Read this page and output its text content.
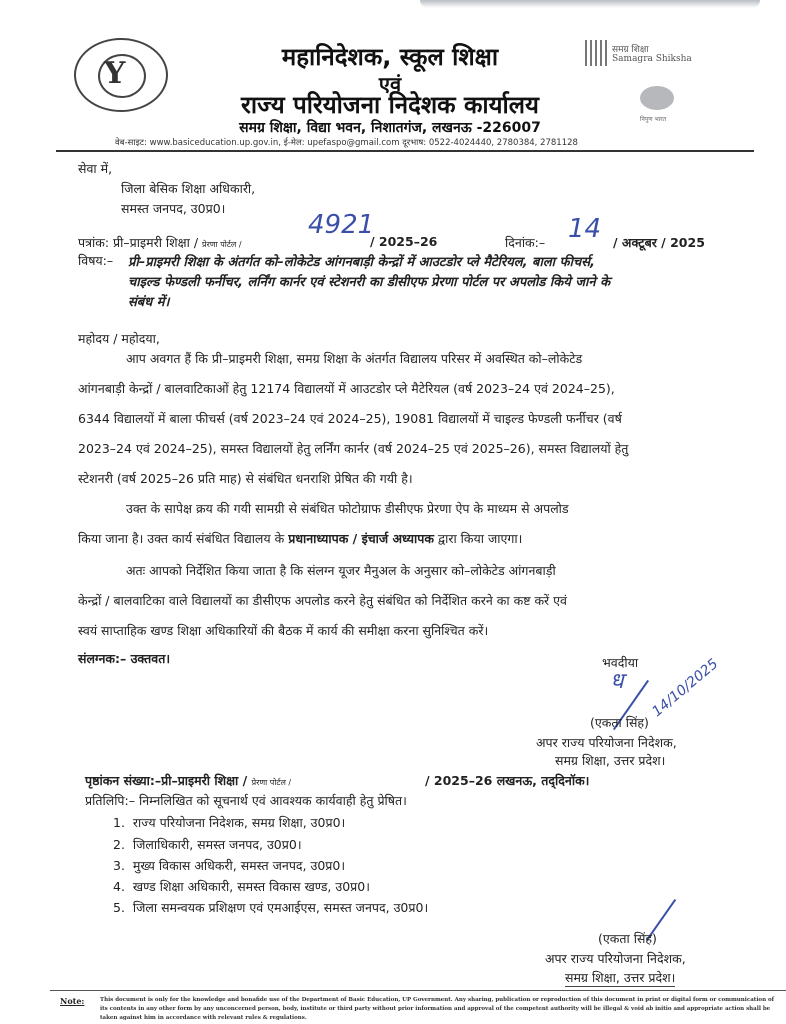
Y	महानिदेशक, स्कूल शिक्षा
एवं
राज्य परियोजना निदेशक कार्यालय
समग्र शिक्षा, विद्या भवन, निशातगंज, लखनऊ -226007
वेब-साइट: www.basiceducation.up.gov.in, ई-मेल: upefaspo@gmail.com दूरभाष: 0522-4024440, 2780384, 2781128
समग्र शिक्षा
Samagra Shiksha
निपुण भारत
सेवा में,
जिला बेसिक शिक्षा अधिकारी,
समस्त जनपद, उ0प्र0।
पत्रांक: प्री–प्राइमरी शिक्षा / प्रेरणा पोर्टल /
4921
/ 2025–26	दिनांक:– 14 / अक्टूबर / 2025
विषय:– प्री–प्राइमरी शिक्षा के अंतर्गत को–लोकेटेड आंगनबाड़ी केन्द्रों में आउटडोर प्ले मैटेरियल, बाला फीचर्स,
चाइल्ड फेण्डली फर्नीचर, लर्निंग कार्नर एवं स्टेशनरी का डीसीएफ प्रेरणा पोर्टल पर अपलोड किये जाने के
संबंध में।
महोदय / महोदया,
आप अवगत हैं कि प्री–प्राइमरी शिक्षा, समग्र शिक्षा के अंतर्गत विद्यालय परिसर में अवस्थित को–लोकेटेड
आंगनबाड़ी केन्द्रों / बालवाटिकाओं हेतु 12174 विद्यालयों में आउटडोर प्ले मैटेरियल (वर्ष 2023–24 एवं 2024–25),
6344 विद्यालयों में बाला फीचर्स (वर्ष 2023–24 एवं 2024–25), 19081 विद्यालयों में चाइल्ड फेण्डली फर्नीचर (वर्ष
2023–24 एवं 2024–25), समस्त विद्यालयों हेतु लर्निंग कार्नर (वर्ष 2024–25 एवं 2025–26), समस्त विद्यालयों हेतु
स्टेशनरी (वर्ष 2025–26 प्रति माह) से संबंधित धनराशि प्रेषित की गयी है।
उक्त के सापेक्ष क्रय की गयी सामग्री से संबंधित फोटोग्राफ डीसीएफ प्रेरणा ऐप के माध्यम से अपलोड
किया जाना है। उक्त कार्य संबंधित विद्यालय के प्रधानाध्यापक / इंचार्ज अध्यापक द्वारा किया जाएगा।
अतः आपको निर्देशित किया जाता है कि संलग्न यूजर मैनुअल के अनुसार को–लोकेटेड आंगनबाड़ी
केन्द्रों / बालवाटिका वाले विद्यालयों का डीसीएफ अपलोड करने हेतु संबंधित को निर्देशित करने का कष्ट करें एवं
स्वयं साप्ताहिक खण्ड शिक्षा अधिकारियों की बैठक में कार्य की समीक्षा करना सुनिश्चित करें।
संलग्नक:– उक्तवत।	भवदीया
ध 14/10/2025
(एकता सिंह)
अपर राज्य परियोजना निदेशक,
समग्र शिक्षा, उत्तर प्रदेश।
पृष्ठांकन संख्या:–प्री–प्राइमरी शिक्षा / प्रेरणा पोर्टल /	/ 2025–26 लखनऊ, तद्‌दिनॉक।
प्रतिलिपि:– निम्नलिखित को सूचनार्थ एवं आवश्यक कार्यवाही हेतु प्रेषित।
1. राज्य परियोजना निदेशक, समग्र शिक्षा, उ0प्र0।
2. जिलाधिकारी, समस्त जनपद, उ0प्र0।
3. मुख्य विकास अधिकरी, समस्त जनपद, उ0प्र0।
4. खण्ड शिक्षा अधिकारी, समस्त विकास खण्ड, उ0प्र0।
5. जिला समन्वयक प्रशिक्षण एवं एमआईएस, समस्त जनपद, उ0प्र0।
(एकता सिंह)
अपर राज्य परियोजना निदेशक,
समग्र शिक्षा, उत्तर प्रदेश।
Note:	This document is only for the knowledge and bonafide use of the Department of Basic Education, UP Government. Any sharing, publication or reproduction of this document in print or digital form or communication of its contents in any other form by any unconcerned person, body, institute or third party without prior information and approval of the competent authority will be illegal & void ab initio and appropriate action shall be taken against him in accordance with relevant rules & regulations.
